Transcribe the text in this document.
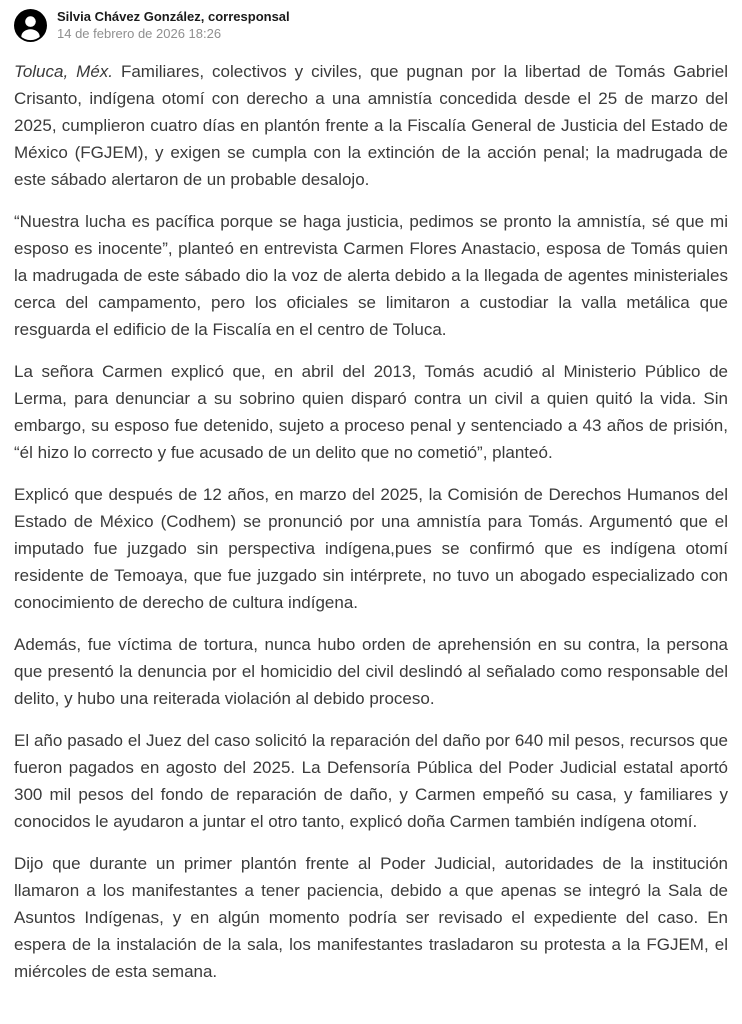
Silvia Chávez González, corresponsal
14 de febrero de 2026 18:26

Toluca, Méx. Familiares, colectivos y civiles, que pugnan por la libertad de Tomás Gabriel Crisanto, indígena otomí con derecho a una amnistía concedida desde el 25 de marzo del 2025, cumplieron cuatro días en plantón frente a la Fiscalía General de Justicia del Estado de México (FGJEM), y exigen se cumpla con la extinción de la acción penal; la madrugada de este sábado alertaron de un probable desalojo.

“Nuestra lucha es pacífica porque se haga justicia, pedimos se pronto la amnistía, sé que mi esposo es inocente”, planteó en entrevista Carmen Flores Anastacio, esposa de Tomás quien la madrugada de este sábado dio la voz de alerta debido a la llegada de agentes ministeriales cerca del campamento, pero los oficiales se limitaron a custodiar la valla metálica que resguarda el edificio de la Fiscalía en el centro de Toluca.

La señora Carmen explicó que, en abril del 2013, Tomás acudió al Ministerio Público de Lerma, para denunciar a su sobrino quien disparó contra un civil a quien quitó la vida. Sin embargo, su esposo fue detenido, sujeto a proceso penal y sentenciado a 43 años de prisión, “él hizo lo correcto y fue acusado de un delito que no cometió”, planteó.

Explicó que después de 12 años, en marzo del 2025, la Comisión de Derechos Humanos del Estado de México (Codhem) se pronunció por una amnistía para Tomás. Argumentó que el imputado fue juzgado sin perspectiva indígena,pues se confirmó que es indígena otomí residente de Temoaya, que fue juzgado sin intérprete, no tuvo un abogado especializado con conocimiento de derecho de cultura indígena.

Además, fue víctima de tortura, nunca hubo orden de aprehensión en su contra, la persona que presentó la denuncia por el homicidio del civil deslindó al señalado como responsable del delito, y hubo una reiterada violación al debido proceso.

El año pasado el Juez del caso solicitó la reparación del daño por 640 mil pesos, recursos que fueron pagados en agosto del 2025. La Defensoría Pública del Poder Judicial estatal aportó 300 mil pesos del fondo de reparación de daño, y Carmen empeñó su casa, y familiares y conocidos le ayudaron a juntar el otro tanto, explicó doña Carmen también indígena otomí.

Dijo que durante un primer plantón frente al Poder Judicial, autoridades de la institución llamaron a los manifestantes a tener paciencia, debido a que apenas se integró la Sala de Asuntos Indígenas, y en algún momento podría ser revisado el expediente del caso. En espera de la instalación de la sala, los manifestantes trasladaron su protesta a la FGJEM, el miércoles de esta semana.
